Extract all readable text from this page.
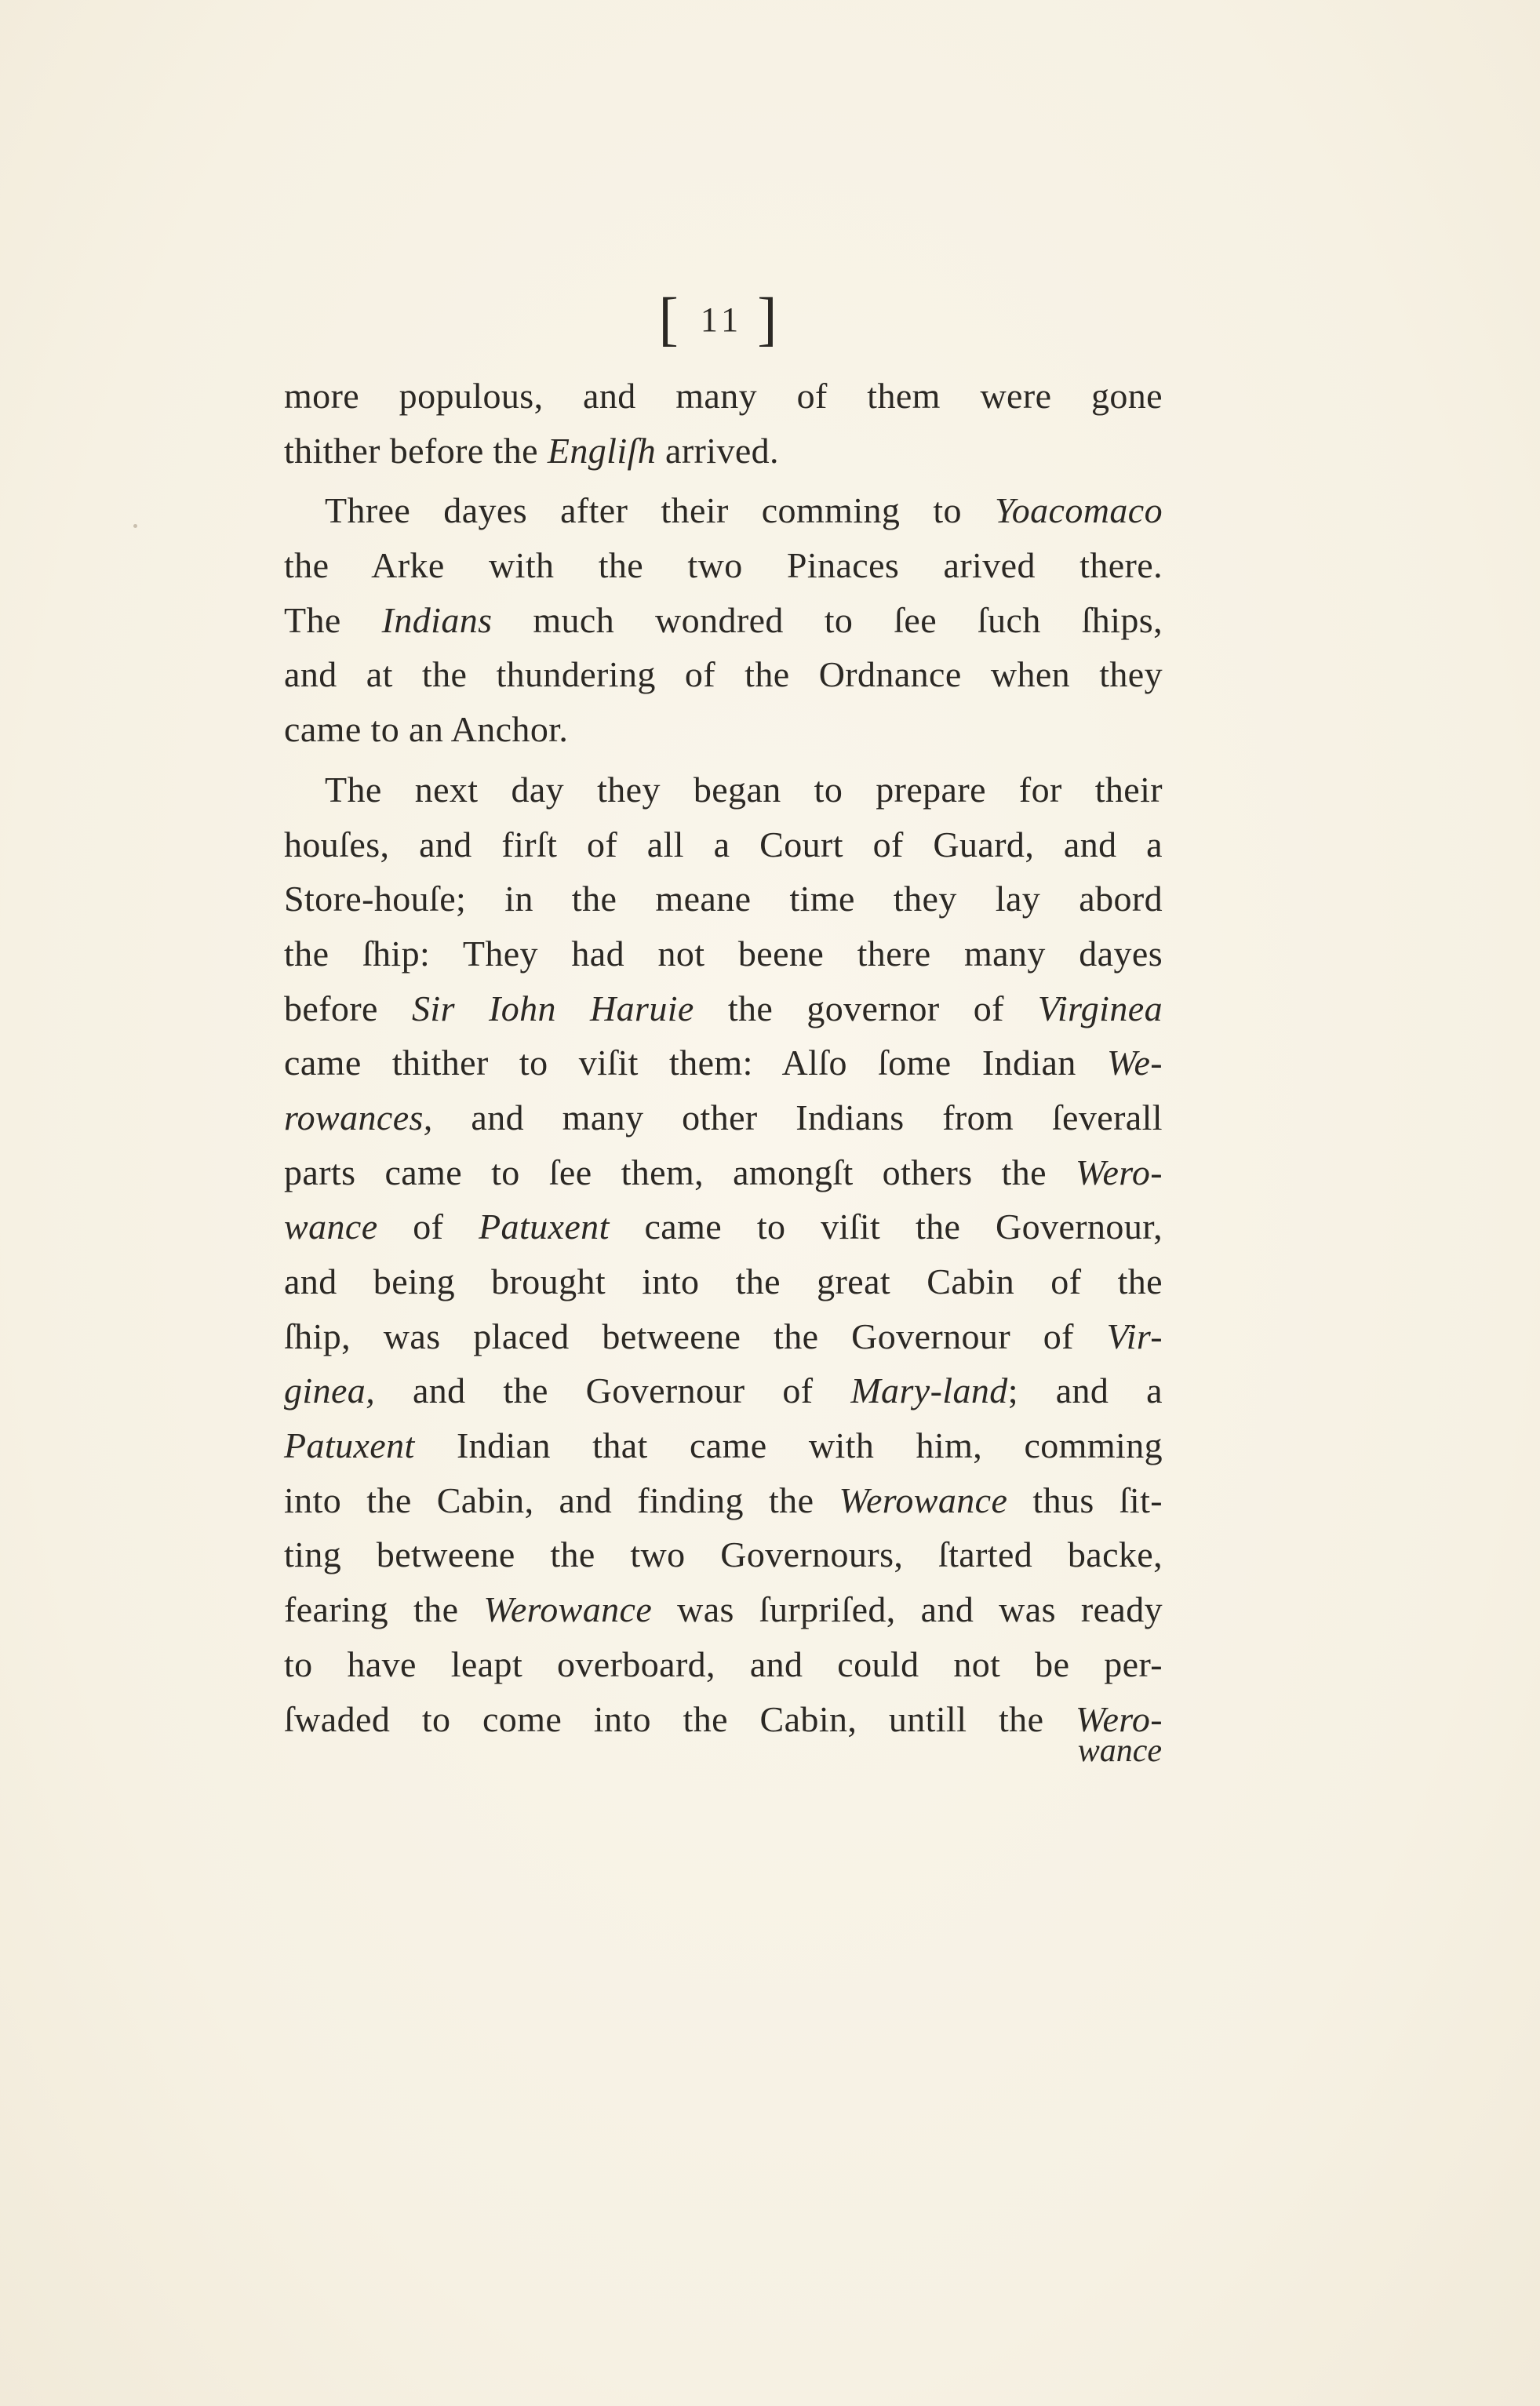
[ 11 ]
more populous, and many of them were gone
thither before the Engliſh arrived.
Three dayes after their comming to Yoacomaco
the Arke with the two Pinaces arived there.
The Indians much wondred to ſee ſuch ſhips,
and at the thundering of the Ordnance when they
came to an Anchor.
The next day they began to prepare for their
houſes, and firſt of all a Court of Guard, and a
Store-houſe; in the meane time they lay abord
the ſhip: They had not beene there many dayes
before Sir Iohn Haruie the governor of Virginea
came thither to viſit them: Alſo ſome Indian We-
rowances, and many other Indians from ſeverall
parts came to ſee them, amongſt others the Wero-
wance of Patuxent came to viſit the Governour,
and being brought into the great Cabin of the
ſhip, was placed betweene the Governour of Vir-
ginea, and the Governour of Mary-land; and a
Patuxent Indian that came with him, comming
into the Cabin, and finding the Werowance thus ſit-
ting betweene the two Governours, ſtarted backe,
fearing the Werowance was ſurpriſed, and was ready
to have leapt overboard, and could not be per-
ſwaded to come into the Cabin, untill the Wero-
wance
